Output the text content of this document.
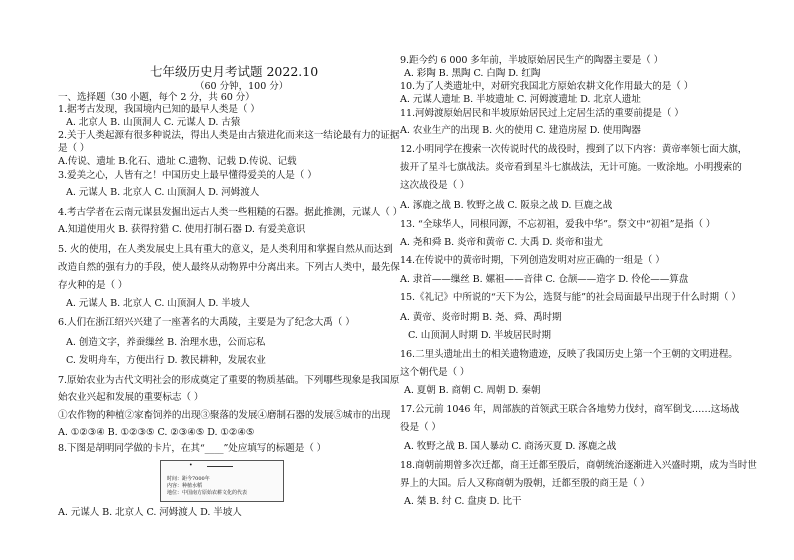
七年级历史月考试题 2022.10
（60 分钟，100 分）
一、选择题（30 小题，每个 2 分，共 60 分）
1.据考古发现，我国境内已知的最早人类是（ ）
A. 北京人 B. 山顶洞人 C. 元谋人 D. 古猿
2.关于人类起源有很多种说法，得出人类是由古猿进化而来这一结论最有力的证据
是（ ）
A.传说、遗址 B.化石、遗址 C.遗物、记载 D.传说、记载
3.爱美之心，人皆有之！中国历史上最早懂得爱美的人是（ ）
A. 元谋人 B. 北京人 C. 山顶洞人 D. 河姆渡人
4.考古学者在云南元谋县发掘出远古人类一些粗糙的石器。据此推测，元谋人（ ）
A.知道使用火 B. 获得狩猎 C. 使用打制石器 D. 有爱美意识
5. 火的使用，在人类发展史上具有重大的意义，是人类利用和掌握自然从而达到
改造自然的强有力的手段，使人最终从动物界中分离出来。下列古人类中，最先保
存火种的是（ ）
A. 元谋人 B. 北京人 C. 山顶洞人 D. 半坡人
6.人们在浙江绍兴兴建了一座著名的大禹陵，主要是为了纪念大禹（ ）
A. 创造文字，养蚕缫丝 B. 治理水患，公而忘私
C. 发明舟车，方便出行 D. 教民耕种，发展农业
7.原始农业为古代文明社会的形成奠定了重要的物质基础。下列哪些现象是我国原
始农业兴起和发展的重要标志（ ）
①农作物的种植②家畜饲养的出现③聚落的发展④磨制石器的发展⑤城市的出现
A. ①②③④ B. ①②③⑤ C. ②③④⑤ D. ①②④⑤
8.下图是胡明同学做的卡片，在其“____”处应填写的标题是（ ）
A. 元谋人 B. 北京人 C. 河姆渡人 D. 半坡人
•
时间：距今7000年
内容：种植水稻
地位：中国南方原始农耕文化的代表
9.距今约 6 000 多年前，半坡原始居民生产的陶器主要是（ ）
A. 彩陶 B. 黑陶 C. 白陶 D. 红陶
10.为了人类遗址中，对研究我国北方原始农耕文化作用最大的是（ ）
A. 元谋人遗址 B. 半坡遗址 C. 河姆渡遗址 D. 北京人遗址
11.河姆渡原始居民和半坡原始居民过上定居生活的重要前提是（ ）
A. 农业生产的出现 B. 火的使用 C. 建造房屋 D. 使用陶器
12.小明同学在搜索一次传说时代的战役时，搜到了以下内容：黄帝率领七面大旗，
拔开了星斗七旗战法。炎帝看到星斗七旗战法，无计可施。一败涂地。小明搜索的
这次战役是（ ）
A. 涿鹿之战 B. 牧野之战 C. 阪泉之战 D. 巨鹿之战
13. “全球华人，同根同源，不忘初祖，爱我中华”。祭文中“初祖”是指（ ）
A. 尧和舜 B. 炎帝和黄帝 C. 大禹 D. 炎帝和蚩尤
14.在传说中的黄帝时期，下列创造发明对应正确的一组是（ ）
A. 隶首——缫丝 B. 嫘祖——音律 C. 仓颉——造字 D. 伶伦——算盘
15.《礼记》中所说的“天下为公，选贤与能”的社会局面最早出现于什么时期（ ）
A. 黄帝、炎帝时期 B. 尧、舜、禹时期
C. 山顶洞人时期 D. 半坡居民时期
16.二里头遗址出土的相关遗物遗迹，反映了我国历史上第一个王朝的文明进程。
这个朝代是（ ）
A. 夏朝 B. 商朝 C. 周朝 D. 秦朝
17.公元前 1046 年，周部族的首领武王联合各地势力伐纣，商军倒戈……这场战
役是（ ）
A. 牧野之战 B. 国人暴动 C. 商汤灭夏 D. 涿鹿之战
18.商朝前期曾多次迁都，商王迁都至殷后，商朝统治逐渐进入兴盛时期，成为当时世
界上的大国。后人又称商朝为殷朝，迁都至殷的商王是（ ）
A. 桀 B. 纣 C. 盘庚 D. 比干
